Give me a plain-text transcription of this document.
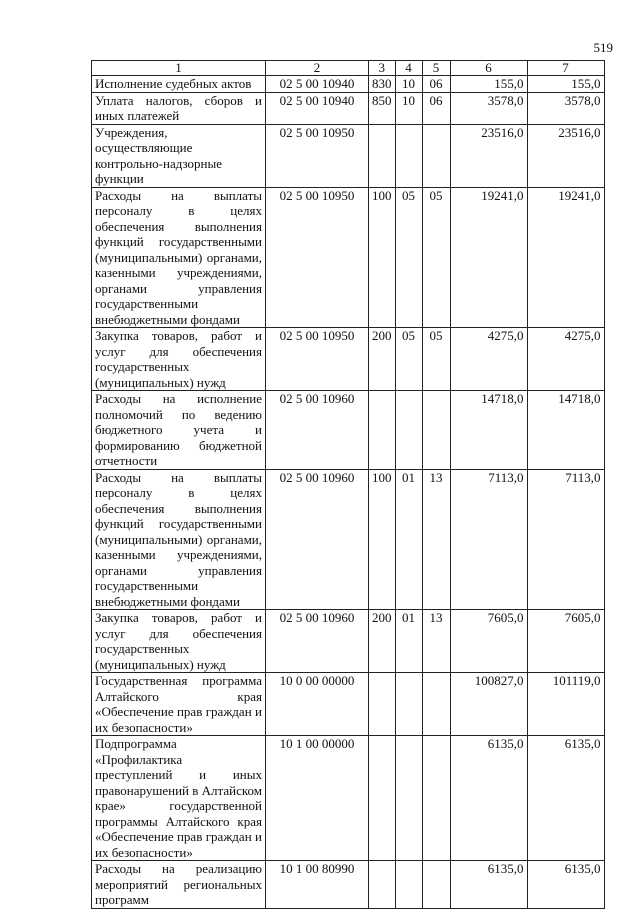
519
1	2	3	4	5	6	7
Исполнение судебных актов	02 5 00 10940	830	10	06	155,0	155,0
Уплата налогов, сборов и иных платежей	02 5 00 10940	850	10	06	3578,0	3578,0
Учреждения, осуществляющие контрольно-надзорные функции	02 5 00 10950				23516,0	23516,0
Расходы на выплаты персоналу в целях обеспечения выполнения функций государственными (муниципальными) органами, казенными учреждениями, органами управления государственными внебюджетными фондами	02 5 00 10950	100	05	05	19241,0	19241,0
Закупка товаров, работ и услуг для обеспечения государственных (муниципальных) нужд	02 5 00 10950	200	05	05	4275,0	4275,0
Расходы на исполнение полномочий по ведению бюджетного учета и формированию бюджетной отчетности	02 5 00 10960				14718,0	14718,0
Расходы на выплаты персоналу в целях обеспечения выполнения функций государственными (муниципальными) органами, казенными учреждениями, органами управления государственными внебюджетными фондами	02 5 00 10960	100	01	13	7113,0	7113,0
Закупка товаров, работ и услуг для обеспечения государственных (муниципальных) нужд	02 5 00 10960	200	01	13	7605,0	7605,0
Государственная программа Алтайского края «Обеспечение прав граждан и их безопасности»	10 0 00 00000				100827,0	101119,0
Подпрограмма «Профилактика преступлений и иных правонарушений в Алтайском крае» государственной программы Алтайского края «Обеспечение прав граждан и их безопасности»	10 1 00 00000				6135,0	6135,0
Расходы на реализацию мероприятий региональных программ	10 1 00 80990				6135,0	6135,0
